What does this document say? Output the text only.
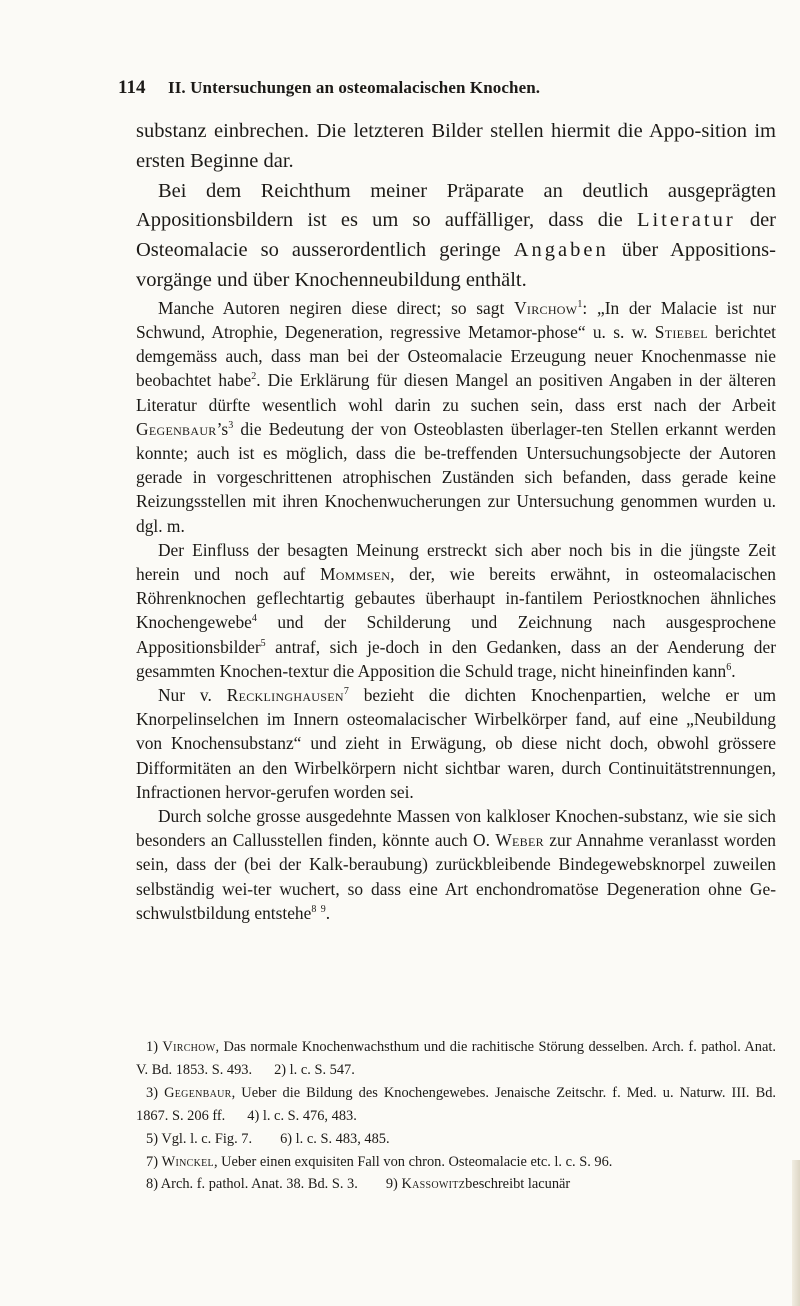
114	II. Untersuchungen an osteomalacischen Knochen.

substanz einbrechen. Die letzteren Bilder stellen hiermit die Appo-sition im ersten Beginne dar.

Bei dem Reichthum meiner Präparate an deutlich ausgeprägten Appositionsbildern ist es um so auffälliger, dass die Literatur der Osteomalacie so ausserordentlich geringe Angaben über Appositions-vorgänge und über Knochenneubildung enthält.

Manche Autoren negiren diese direct; so sagt Virchow$^1$: „In der Malacie ist nur Schwund, Atrophie, Degeneration, regressive Metamor-phose“ u. s. w. Stiebel berichtet demgemäss auch, dass man bei der Osteomalacie Erzeugung neuer Knochenmasse nie beobachtet habe$^2$. Die Erklärung für diesen Mangel an positiven Angaben in der älteren Literatur dürfte wesentlich wohl darin zu suchen sein, dass erst nach der Arbeit $Gegenbaur’s^3$ die Bedeutung der von Osteoblasten überlager-ten Stellen erkannt werden konnte; auch ist es möglich, dass die be-treffenden Untersuchungsobjecte der Autoren gerade in vorgeschrittenen atrophischen Zuständen sich befanden, dass gerade keine Reizungsstellen mit ihren Knochenwucherungen zur Untersuchung genommen wurden u. dgl. m.

Der Einfluss der besagten Meinung erstreckt sich aber noch bis in die jüngste Zeit herein und noch auf Mommsen, der, wie bereits erwähnt, in osteomalacischen Röhrenknochen geflechtartig gebautes überhaupt in-fantilem Periostknochen ähnliches Knochengewebe$^4$ und der Schilderung und Zeichnung nach ausgesprochene Appositionsbilder$^5$ antraf, sich je-doch in den Gedanken, dass an der Aenderung der gesammten Knochen-textur die Apposition die Schuld trage, nicht hineinfinden kann$^6$.

Nur v. Recklinghausen$^7$ bezieht die dichten Knochenpartien, welche er um Knorpelinselchen im Innern osteomalacischer Wirbelkörper fand, auf eine „Neubildung von Knochensubstanz“ und zieht in Erwägung, ob diese nicht doch, obwohl grössere Difformitäten an den Wirbelkörpern nicht sichtbar waren, durch Continuitätstrennungen, Infractionen hervor-gerufen worden sei.

Durch solche grosse ausgedehnte Massen von kalkloser Knochen-substanz, wie sie sich besonders an Callusstellen finden, könnte auch O. Weber zur Annahme veranlasst worden sein, dass der (bei der Kalk-beraubung) zurückbleibende Bindegewebsknorpel zuweilen selbständig wei-ter wuchert, so dass eine Art enchondromatöse Degeneration ohne Ge-schwulstbildung entstehe$^8$ $^9$.

1) Virchow, Das normale Knochenwachsthum und die rachitische Störung desselben. Arch. f. pathol. Anat. V. Bd. 1853. S. 493. 2) l. c. S. 547.
3) Gegenbaur, Ueber die Bildung des Knochengewebes. Jenaische Zeitschr. f. Med. u. Naturw. III. Bd. 1867. S. 206 ff. 4) l. c. S. 476, 483.
5) Vgl. l. c. Fig. 7. 6) l. c. S. 483, 485.
7)
Winckel , Ueber einen exquisiten Fall von chron. Osteomalacie etc. l. c. S. 96.
8) Arch. f. pathol. Anat. 38. Bd. S. 3. 9)
Kassowitz beschreibt lacunär
